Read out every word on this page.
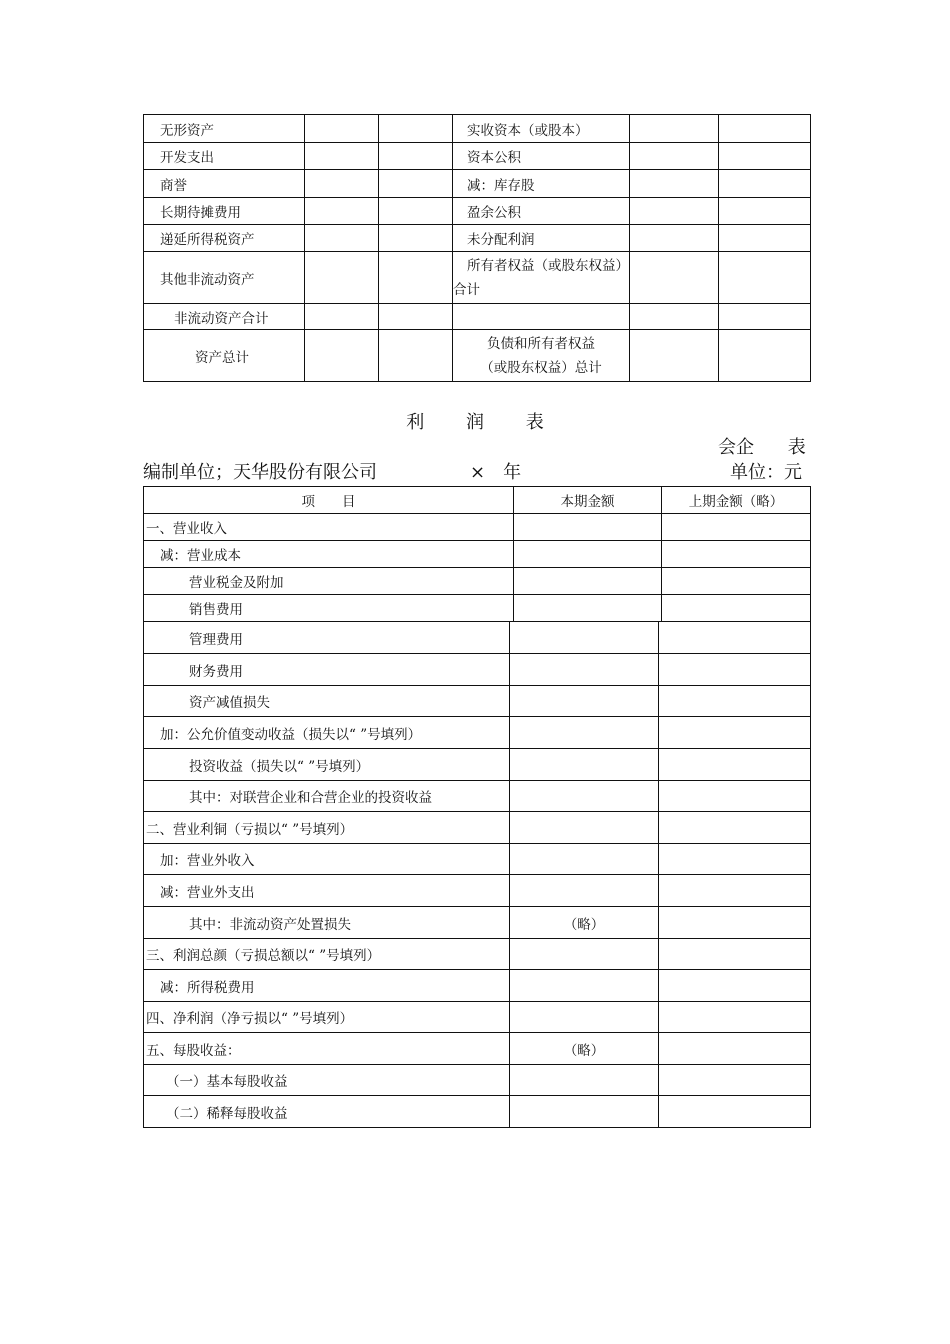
无形资产			实收资本（或股本）		
开发支出			资本公积		
商誉			减：库存股		
长期待摊费用			盈余公积		
递延所得税资产			未分配利润		
其他非流动资产			所有者权益（或股东权益）
合计		

非流动资产合计					
资产总计			负债和所有者权益
（或股东权益）总计		

利 润 表
会企 表
编制单位；天华股份有限公司	×　年	单位：元
项　　目	本期金额	上期金额（略）
一、营业收入		
减：营业成本		
营业税金及附加		
销售费用		
管理费用		
财务费用		
资产减值损失		
加：公允价值变动收益（损失以“ ”号填列）		
投资收益（损失以“ ”号填列）		
其中：对联营企业和合营企业的投资收益		
二、营业利铜（亏损以“ ”号填列）		
加：营业外收入		
减：营业外支出		
其中：非流动资产处置损失	（略）	
三、利润总颜（亏损总额以“ ”号填列）		
减：所得税费用		
四、净利润（净亏损以“ ”号填列）		
五、每股收益：	（略）	
（一）基本每股收益		
（二）稀释每股收益		
